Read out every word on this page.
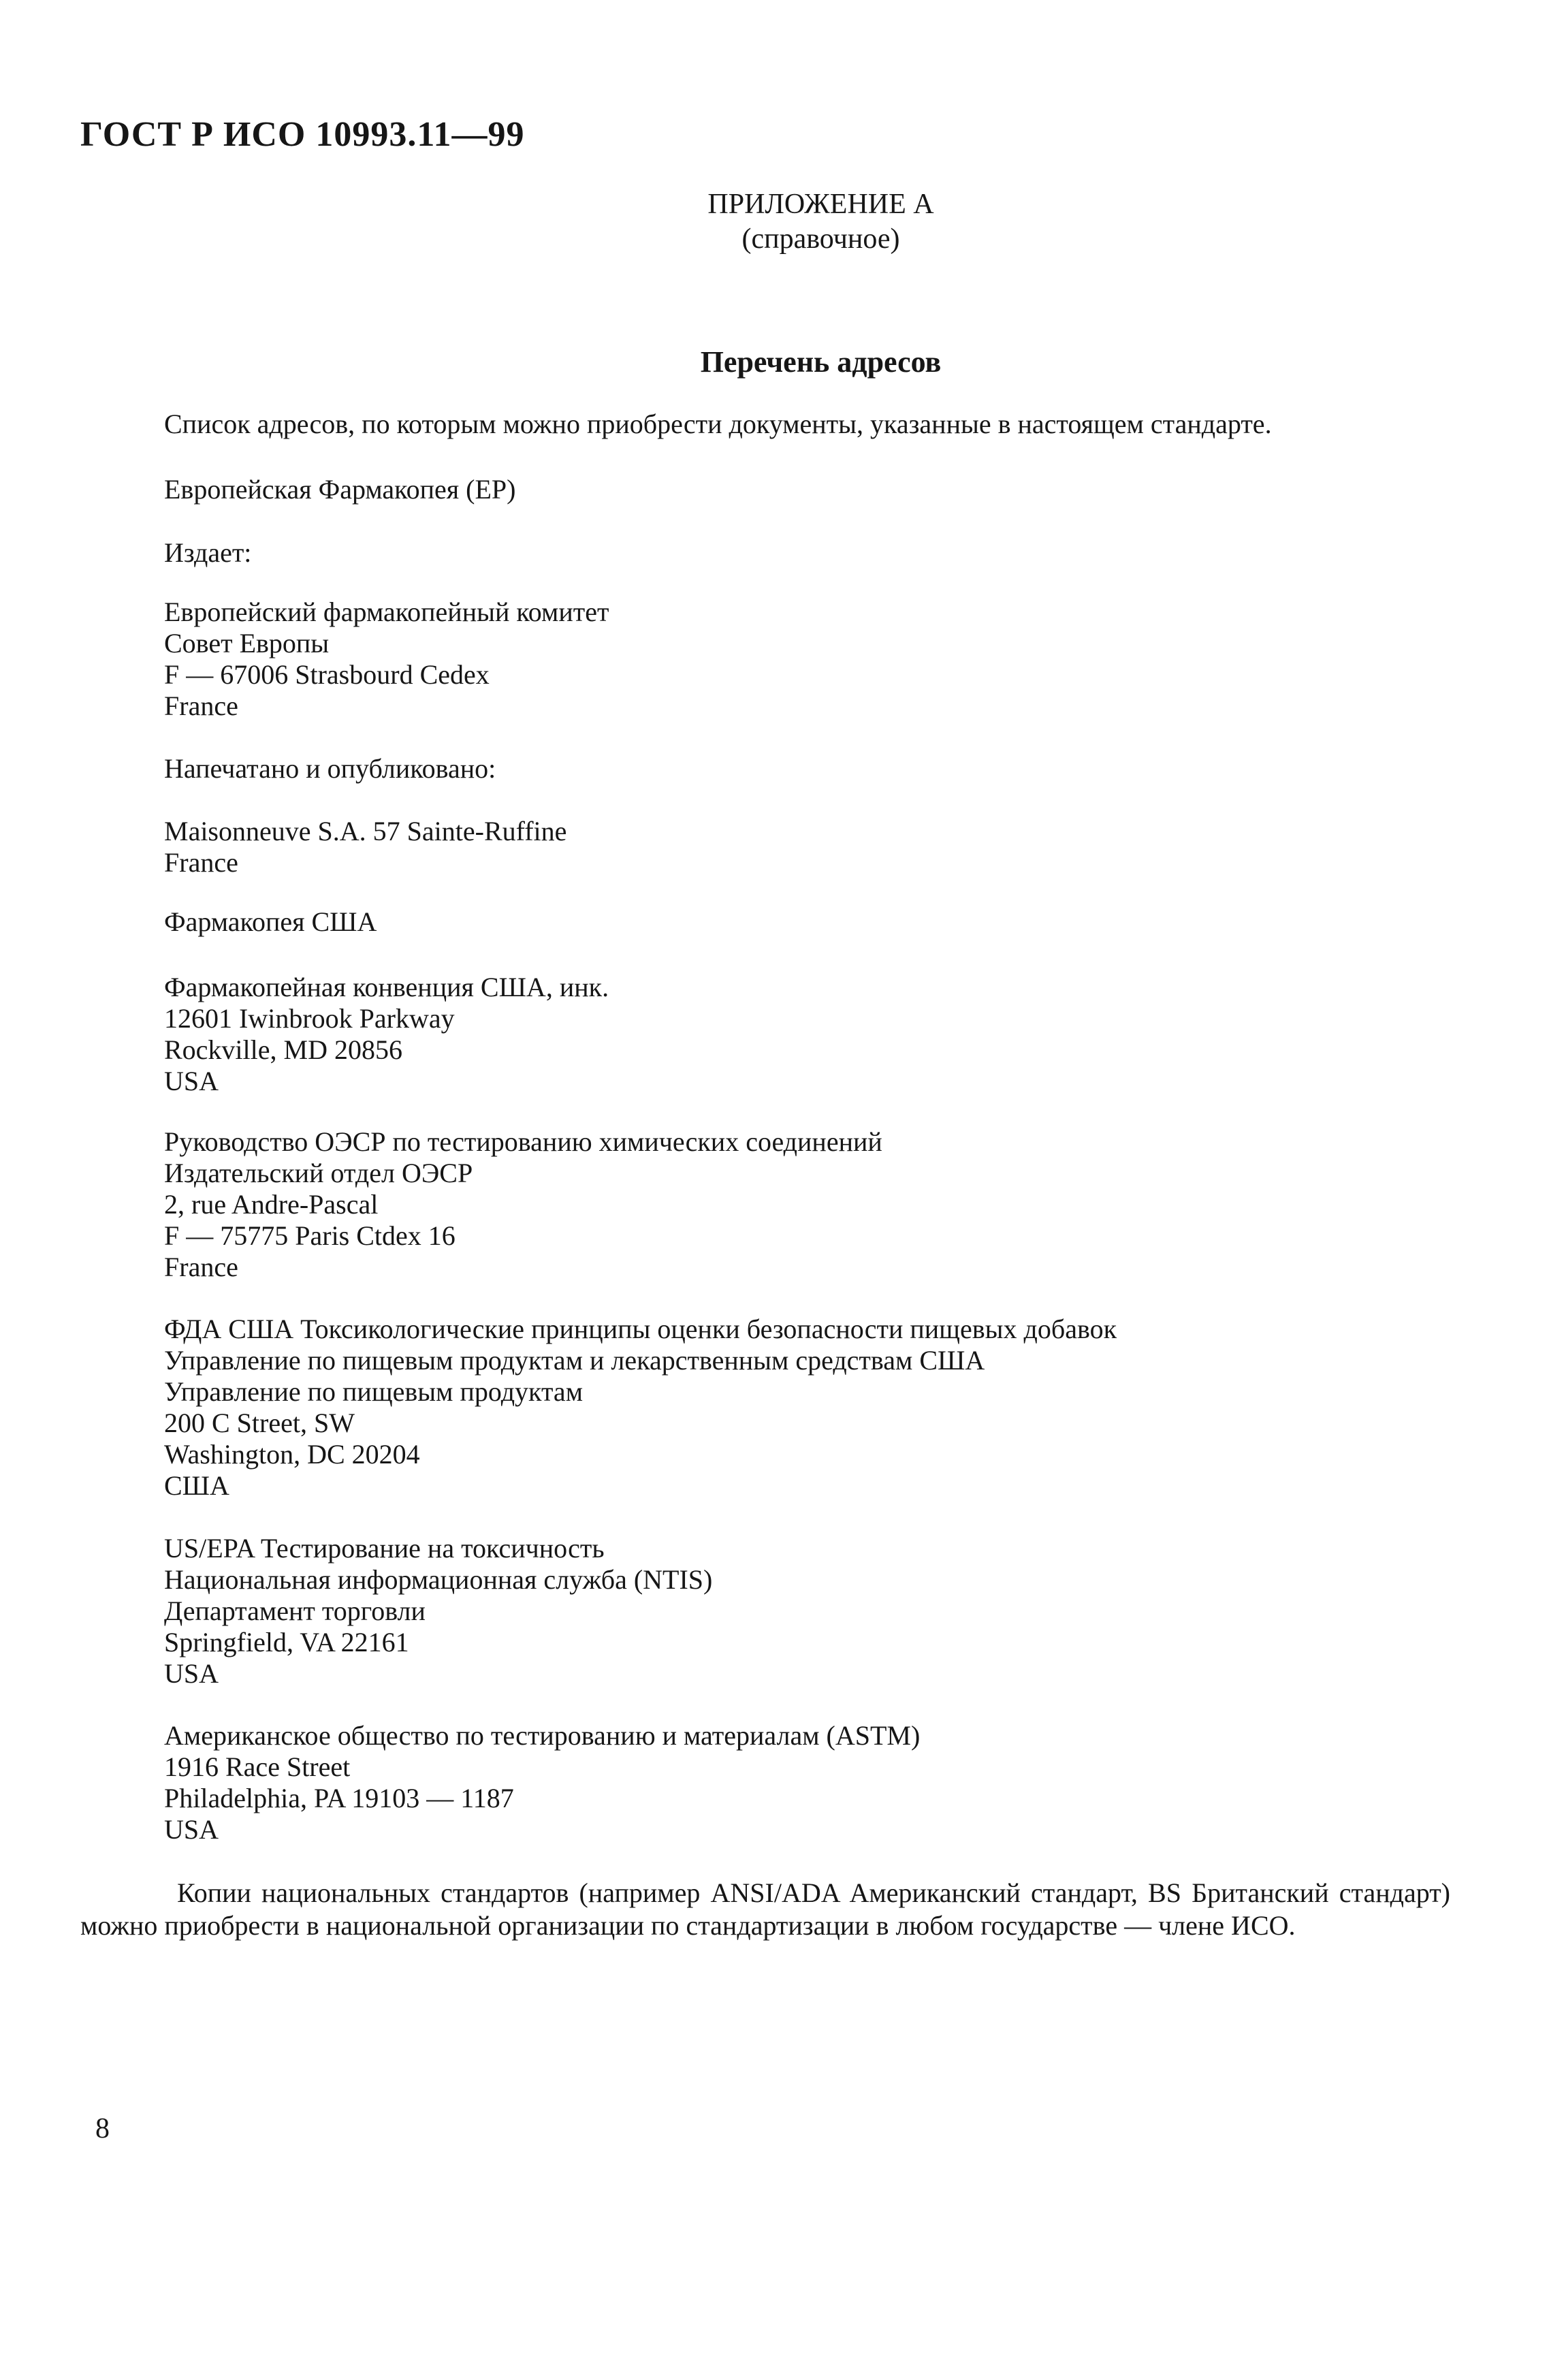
ГОСТ Р ИСО 10993.11—99
ПРИЛОЖЕНИЕ А
(справочное)
Перечень адресов
Список адресов, по которым можно приобрести документы, указанные в настоящем стандарте.
Европейская Фармакопея (ЕР)
Издает:
Европейский фармакопейный комитет
Совет Европы
F — 67006 Strasbourd Cedex
France
Напечатано и опубликовано:
Maisonneuve S.A. 57 Sainte-Ruffine
France
Фармакопея США
Фармакопейная конвенция США, инк.
12601 Iwinbrook Parkway
Rockville, MD 20856
USA
Руководство ОЭСР по тестированию химических соединений
Издательский отдел ОЭСР
2, rue Andre-Pascal
F — 75775 Paris Ctdex 16
France
ФДА США Токсикологические принципы оценки безопасности пищевых добавок
Управление по пищевым продуктам и лекарственным средствам США
Управление по пищевым продуктам
200 C Street, SW
Washington, DC 20204
США
US/EPA Тестирование на токсичность
Национальная информационная служба (NTIS)
Департамент торговли
Springfield, VA 22161
USA
Американское общество по тестированию и материалам (ASTM)
1916 Race Street
Philadelphia, PA 19103 — 1187
USA
Копии национальных стандартов (например ANSI/ADA Американский стандарт, BS Британский стандарт) можно приобрести в национальной организации по стандартизации в любом государстве — члене ИСО.
8
